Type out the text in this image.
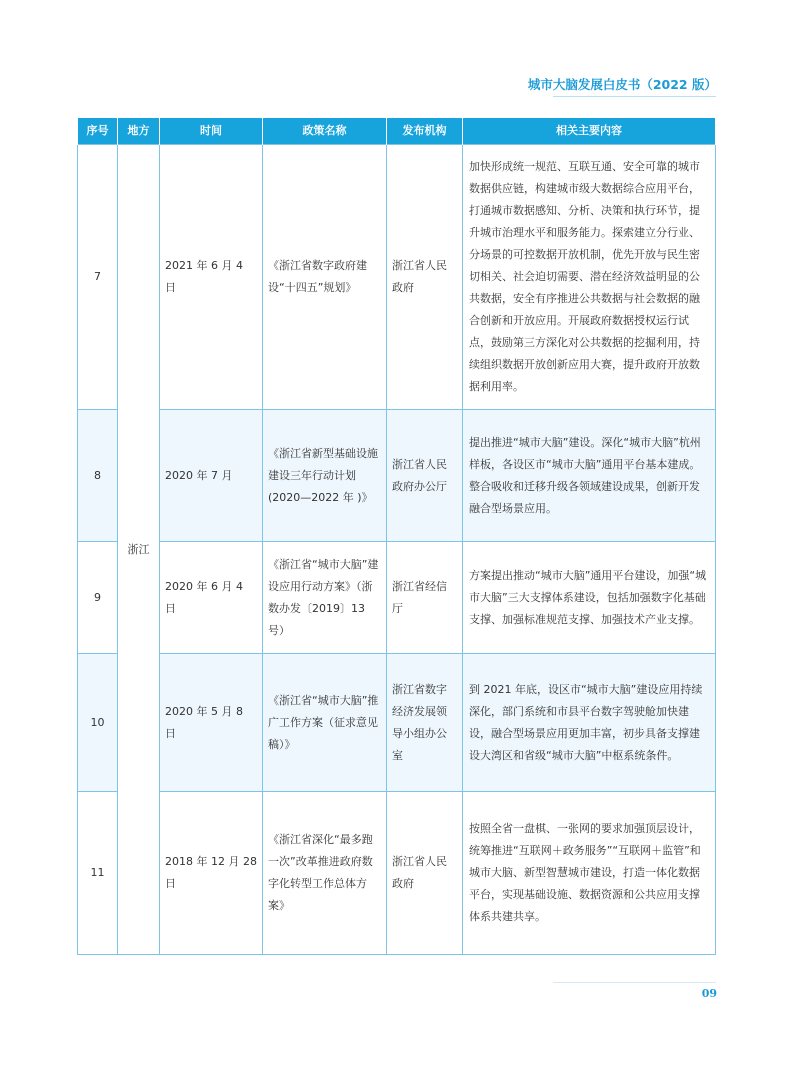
城市大脑发展白皮书（2022 版）
序号	地方	时间	政策名称	发布机构	相关主要内容
7	浙江	2021 年 6 月 4 日	《浙江省数字政府建设“十四五”规划》	浙江省人民政府	加快形成统一规范、互联互通、安全可靠的城市数据供应链，构建城市级大数据综合应用平台，打通城市数据感知、分析、决策和执行环节，提升城市治理水平和服务能力。探索建立分行业、分场景的可控数据开放机制，优先开放与民生密切相关、社会迫切需要、潜在经济效益明显的公共数据，安全有序推进公共数据与社会数据的融合创新和开放应用。开展政府数据授权运行试点，鼓励第三方深化对公共数据的挖掘利用，持续组织数据开放创新应用大赛，提升政府开放数据利用率。
8		2020 年 7 月	《浙江省新型基础设施建设三年行动计划(2020—2022 年 )》	浙江省人民政府办公厅	提出推进“城市大脑”建设。深化“城市大脑”杭州样板，各设区市“城市大脑”通用平台基本建成。整合吸收和迁移升级各领域建设成果，创新开发融合型场景应用。
9		2020 年 6 月 4 日	《浙江省“城市大脑”建设应用行动方案》（浙数办发〔2019〕13 号）	浙江省经信厅	方案提出推动“城市大脑”通用平台建设，加强“城市大脑”三大支撑体系建设，包括加强数字化基础支撑、加强标准规范支撑、加强技术产业支撑。
10		2020 年 5 月 8 日	《浙江省“城市大脑”推广工作方案（征求意见稿）》	浙江省数字经济发展领导小组办公室	到 2021 年底，设区市“城市大脑”建设应用持续深化，部门系统和市县平台数字驾驶舱加快建设，融合型场景应用更加丰富，初步具备支撑建设大湾区和省级“城市大脑”中枢系统条件。
11		2018 年 12 月 28 日	《浙江省深化“最多跑一次”改革推进政府数字化转型工作总体方案》	浙江省人民政府	按照全省一盘棋、一张网的要求加强顶层设计，统筹推进“互联网＋政务服务”“互联网＋监管”和城市大脑、新型智慧城市建设，打造一体化数据平台，实现基础设施、数据资源和公共应用支撑体系共建共享。
09
